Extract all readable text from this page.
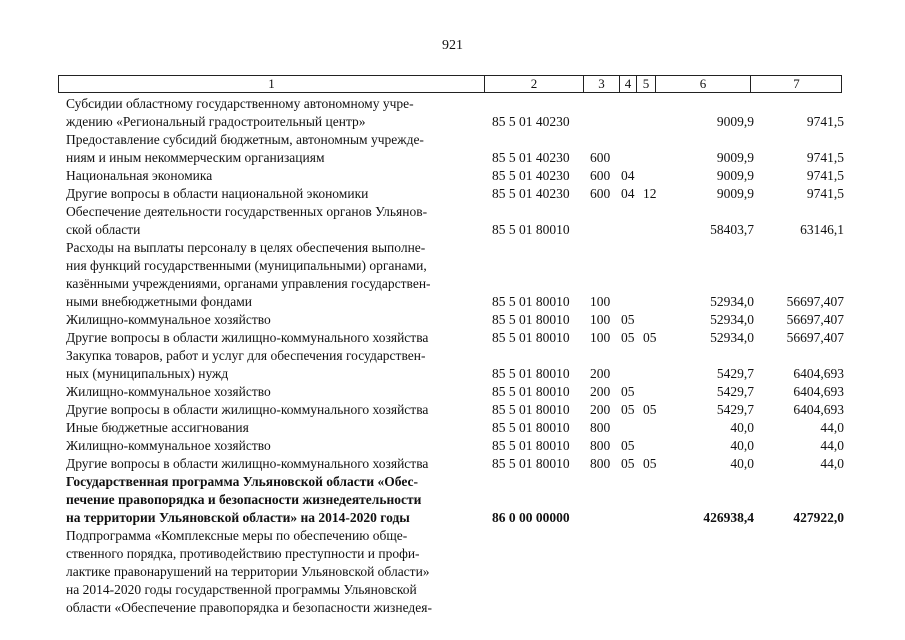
921
1	2	3	4 5	6	7
Субсидии областному государственному автономному учре-
ждению «Региональный градостроительный центр»	85 5 01 40230	9009,9	9741,5
Предоставление субсидий бюджетным, автономным учрежде-
ниям и иным некоммерческим организациям	85 5 01 40230 600	9009,9	9741,5
Национальная экономика	85 5 01 40230 600 04	9009,9	9741,5
Другие вопросы в области национальной экономики	85 5 01 40230 600 04 12	9009,9	9741,5
Обеспечение деятельности государственных органов Ульянов-
ской области	85 5 01 80010	58403,7	63146,1
Расходы на выплаты персоналу в целях обеспечения выполне-
ния функций государственными (муниципальными) органами,
казёнными учреждениями, органами управления государствен-
ными внебюджетными фондами	85 5 01 80010 100	52934,0	56697,407
Жилищно-коммунальное хозяйство	85 5 01 80010 100 05	52934,0	56697,407
Другие вопросы в области жилищно-коммунального хозяйства	85 5 01 80010 100 05 05	52934,0	56697,407
Закупка товаров, работ и услуг для обеспечения государствен-
ных (муниципальных) нужд	85 5 01 80010 200	5429,7	6404,693
Жилищно-коммунальное хозяйство	85 5 01 80010 200 05	5429,7	6404,693
Другие вопросы в области жилищно-коммунального хозяйства	85 5 01 80010 200 05 05	5429,7	6404,693
Иные бюджетные ассигнования	85 5 01 80010 800	40,0	44,0
Жилищно-коммунальное хозяйство	85 5 01 80010 800 05	40,0	44,0
Другие вопросы в области жилищно-коммунального хозяйства	85 5 01 80010 800 05 05	40,0	44,0
Государственная программа Ульяновской области «Обес-
печение правопорядка и безопасности жизнедеятельности
на территории Ульяновской области» на 2014-2020 годы	86 0 00 00000	426938,4	427922,0
Подпрограмма «Комплексные меры по обеспечению обще-
ственного порядка, противодействию преступности и профи-
лактике правонарушений на территории Ульяновской области»
на 2014-2020 годы государственной программы Ульяновской
области «Обеспечение правопорядка и безопасности жизнедея-
